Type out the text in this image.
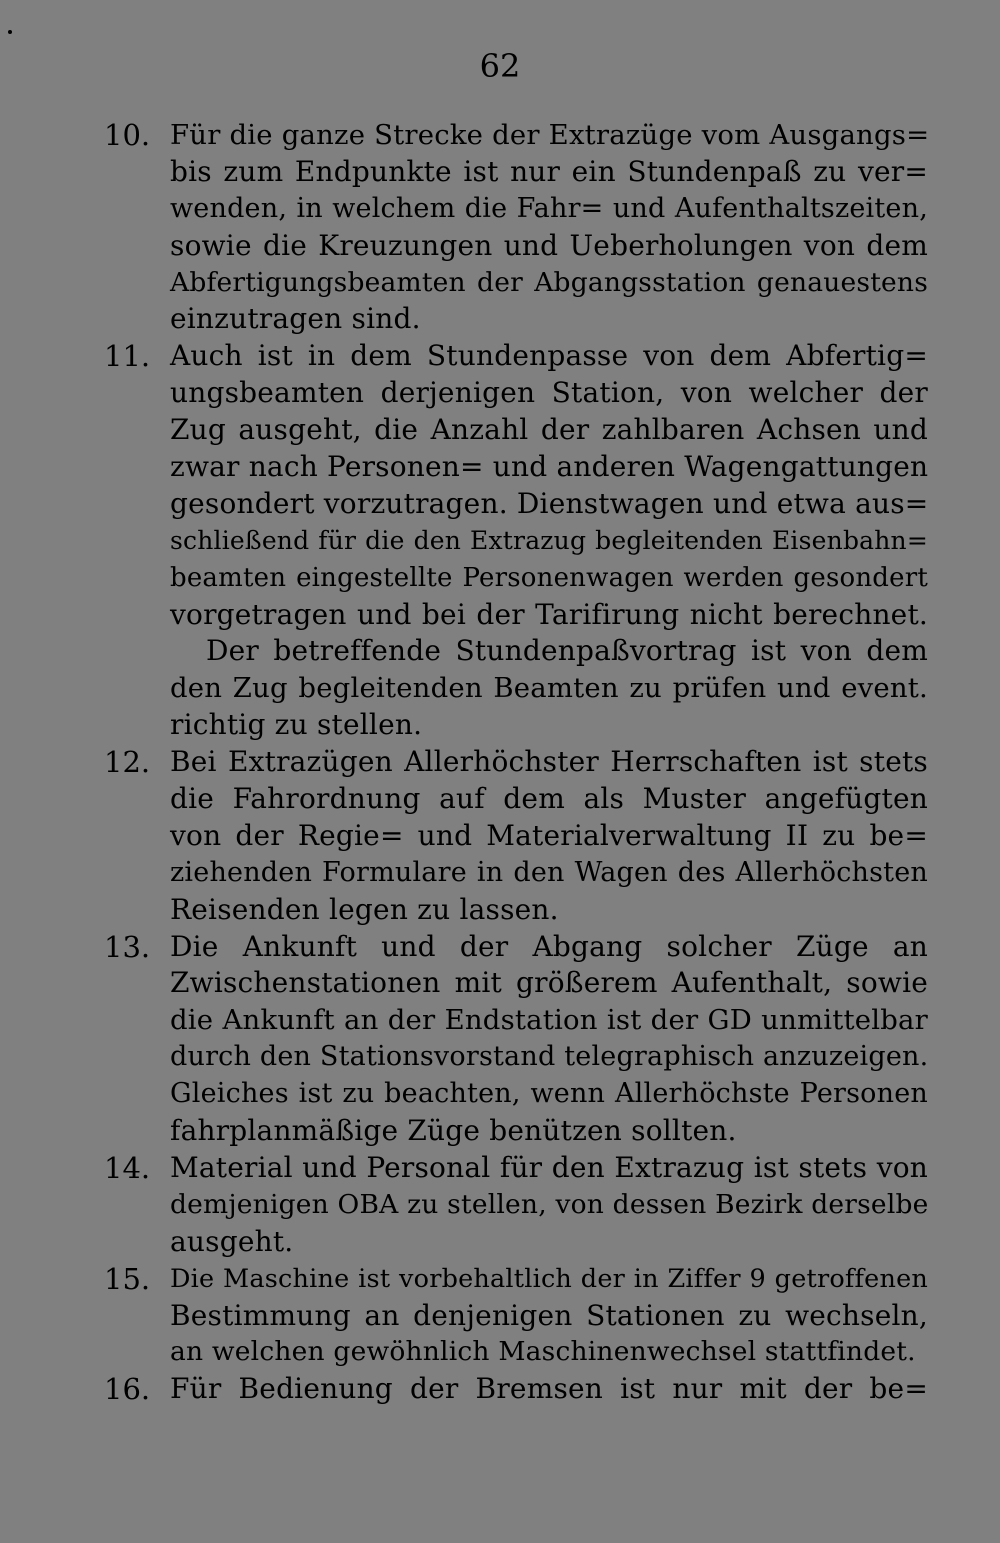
62
10. Für die ganze Strecke der Extrazüge vom Ausgangs=
bis zum Endpunkte ist nur ein Stundenpaß zu ver=
wenden, in welchem die Fahr= und Aufenthaltszeiten,
sowie die Kreuzungen und Ueberholungen von dem
Abfertigungsbeamten der Abgangsstation genauestens
einzutragen sind.
11. Auch ist in dem Stundenpasse von dem Abfertig=
ungsbeamten derjenigen Station, von welcher der
Zug ausgeht, die Anzahl der zahlbaren Achsen und
zwar nach Personen= und anderen Wagengattungen
gesondert vorzutragen. Dienstwagen und etwa aus=
schließend für die den Extrazug begleitenden Eisenbahn=
beamten eingestellte Personenwagen werden gesondert
vorgetragen und bei der Tarifirung nicht berechnet.
Der betreffende Stundenpaßvortrag ist von dem
den Zug begleitenden Beamten zu prüfen und event.
richtig zu stellen.
12. Bei Extrazügen Allerhöchster Herrschaften ist stets
die Fahrordnung auf dem als Muster angefügten
von der Regie= und Materialverwaltung II zu be=
ziehenden Formulare in den Wagen des Allerhöchsten
Reisenden legen zu lassen.
13. Die Ankunft und der Abgang solcher Züge an
Zwischenstationen mit größerem Aufenthalt, sowie
die Ankunft an der Endstation ist der GD unmittelbar
durch den Stationsvorstand telegraphisch anzuzeigen.
Gleiches ist zu beachten, wenn Allerhöchste Personen
fahrplanmäßige Züge benützen sollten.
14. Material und Personal für den Extrazug ist stets von
demjenigen OBA zu stellen, von dessen Bezirk derselbe
ausgeht.
15. Die Maschine ist vorbehaltlich der in Ziffer 9 getroffenen
Bestimmung an denjenigen Stationen zu wechseln,
an welchen gewöhnlich Maschinenwechsel stattfindet.
16. Für Bedienung der Bremsen ist nur mit der be=
